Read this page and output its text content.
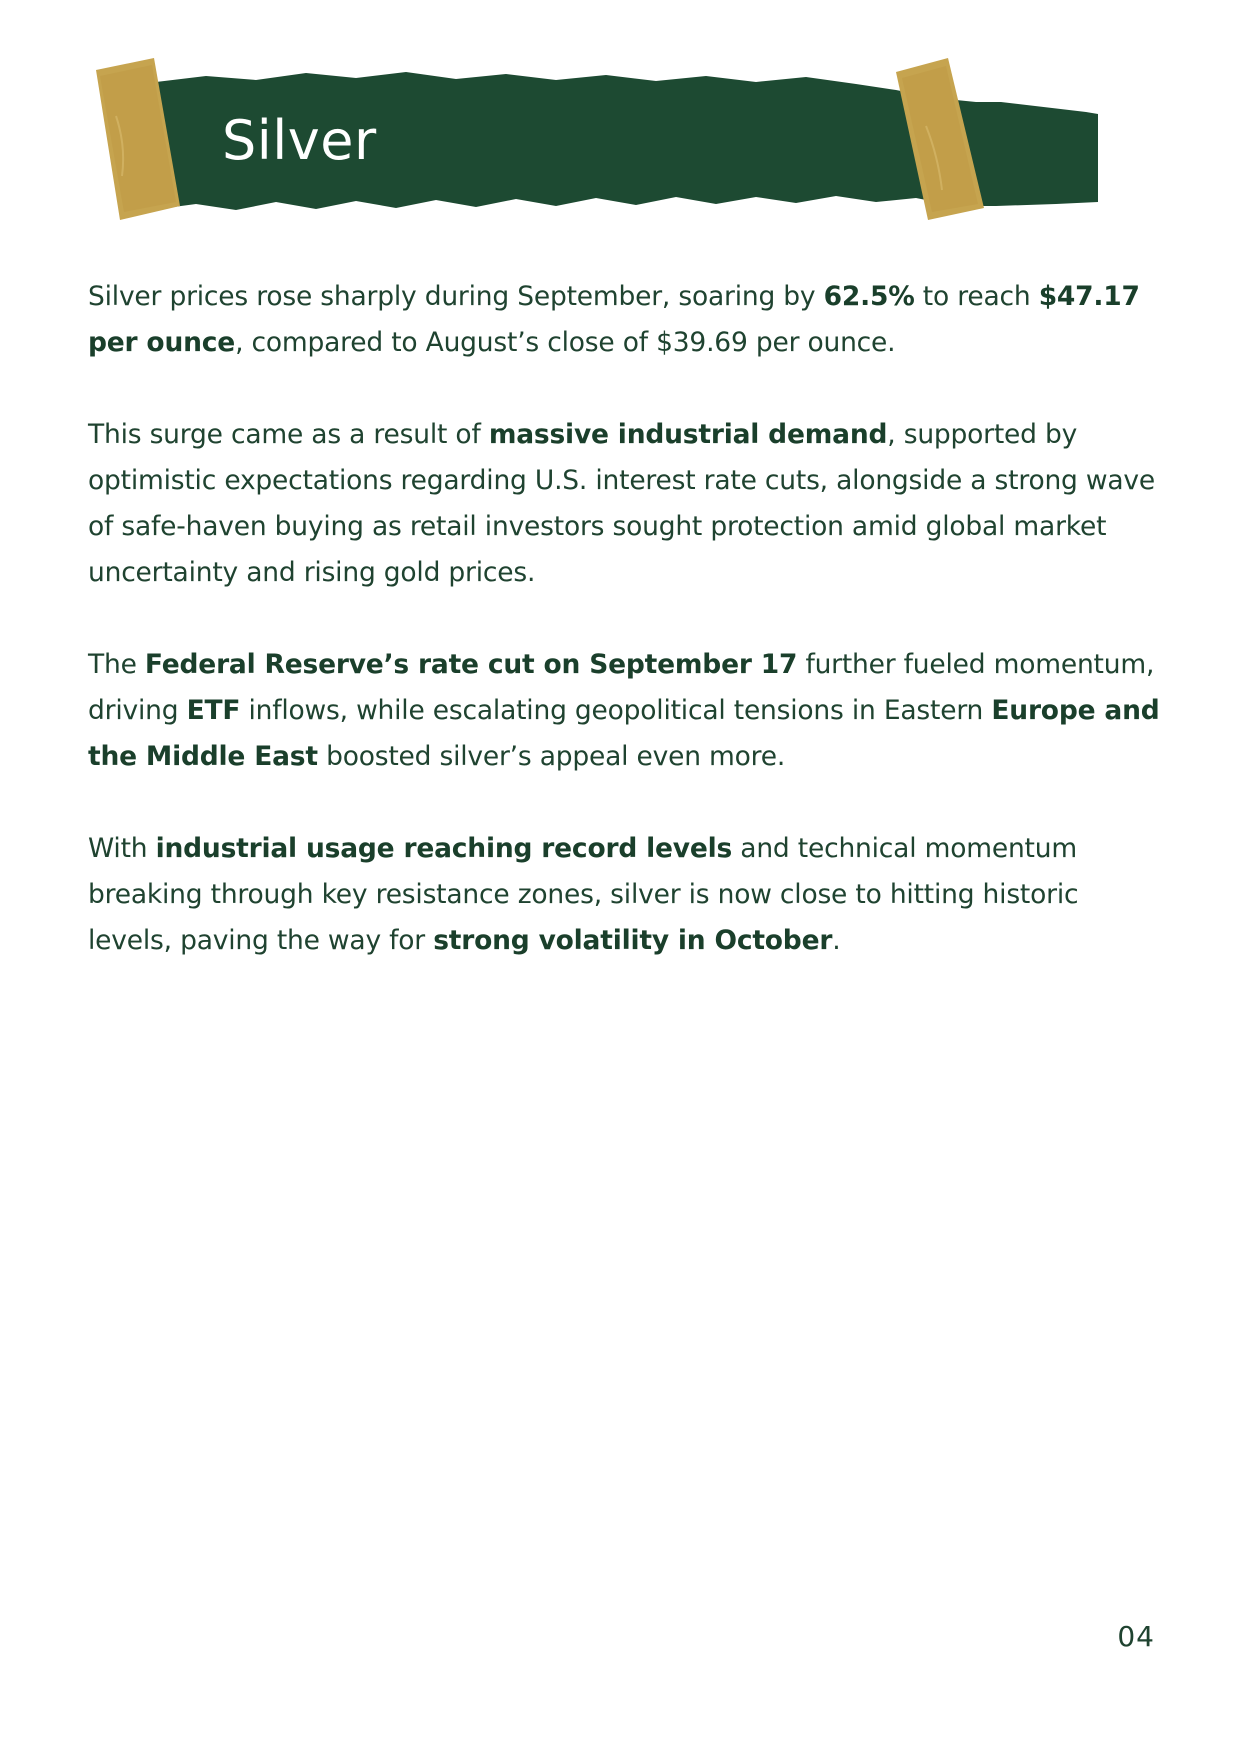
Silver

Silver prices rose sharply during September, soaring by 62.5% to reach $47.17 per ounce, compared to August’s close of $39.69 per ounce.

This surge came as a result of massive industrial demand, supported by optimistic expectations regarding U.S. interest rate cuts, alongside a strong wave of safe-haven buying as retail investors sought protection amid global market uncertainty and rising gold prices.

The Federal Reserve’s rate cut on September 17 further fueled momentum, driving ETF inflows, while escalating geopolitical tensions in Eastern Europe and the Middle East boosted silver’s appeal even more.

With industrial usage reaching record levels and technical momentum breaking through key resistance zones, silver is now close to hitting historic levels, paving the way for strong volatility in October.

04
